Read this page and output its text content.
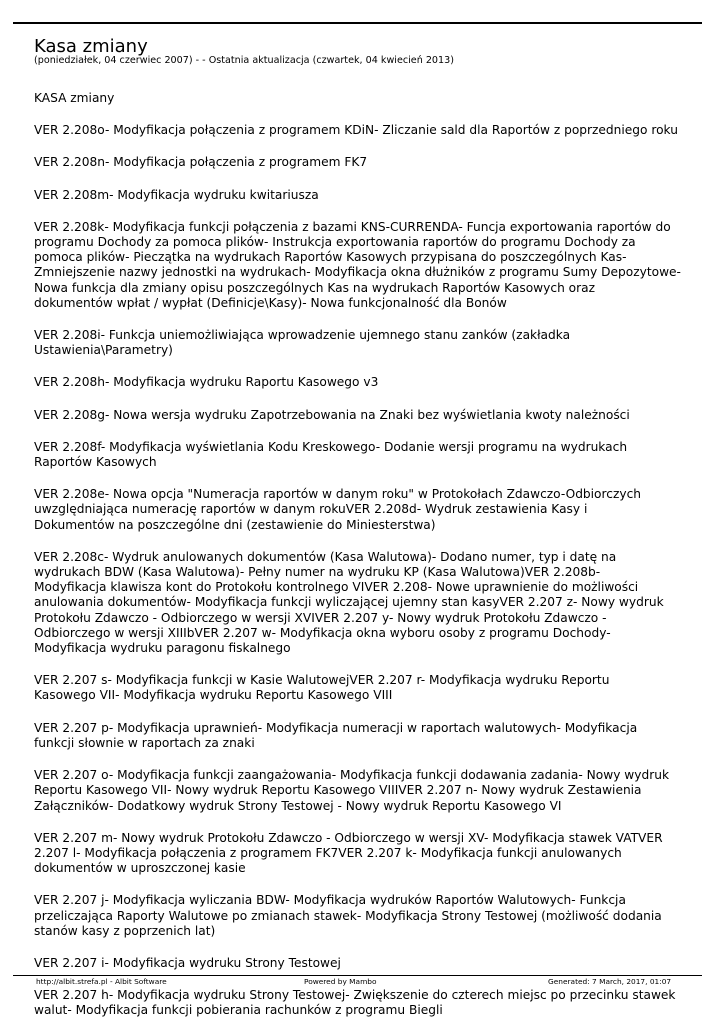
Kasa zmiany
(poniedziałek, 04 czerwiec 2007) - - Ostatnia aktualizacja (czwartek, 04 kwiecień 2013)

KASA zmiany

VER 2.208o- Modyfikacja połączenia z programem KDiN- Zliczanie sald dla Raportów z poprzedniego roku

VER 2.208n- Modyfikacja połączenia z programem FK7

VER 2.208m- Modyfikacja wydruku kwitariusza

VER 2.208k- Modyfikacja funkcji połączenia z bazami KNS-CURRENDA- Funcja exportowania raportów do
programu Dochody za pomoca plików- Instrukcja exportowania raportów do programu Dochody za
pomoca plików- Pieczątka na wydrukach Raportów Kasowych przypisana do poszczególnych Kas-
Zmniejszenie nazwy jednostki na wydrukach- Modyfikacja okna dłużników z programu Sumy Depozytowe-
Nowa funkcja dla zmiany opisu poszczególnych Kas na wydrukach Raportów Kasowych oraz
dokumentów wpłat / wypłat (Definicje\Kasy)- Nowa funkcjonalność dla Bonów

VER 2.208i- Funkcja uniemożliwiająca wprowadzenie ujemnego stanu zanków (zakładka
Ustawienia\Parametry)

VER 2.208h- Modyfikacja wydruku Raportu Kasowego v3

VER 2.208g- Nowa wersja wydruku Zapotrzebowania na Znaki bez wyświetlania kwoty należności

VER 2.208f- Modyfikacja wyświetlania Kodu Kreskowego- Dodanie wersji programu na wydrukach
Raportów Kasowych

VER 2.208e- Nowa opcja "Numeracja raportów w danym roku" w Protokołach Zdawczo-Odbiorczych
uwzględniająca numerację raportów w danym rokuVER 2.208d- Wydruk zestawienia Kasy i
Dokumentów na poszczególne dni (zestawienie do Miniesterstwa)

VER 2.208c- Wydruk anulowanych dokumentów (Kasa Walutowa)- Dodano numer, typ i datę na
wydrukach BDW (Kasa Walutowa)- Pełny numer na wydruku KP (Kasa Walutowa)VER 2.208b-
Modyfikacja klawisza kont do Protokołu kontrolnego VIVER 2.208- Nowe uprawnienie do możliwości
anulowania dokumentów- Modyfikacja funkcji wyliczającej ujemny stan kasyVER 2.207 z- Nowy wydruk
Protokołu Zdawczo - Odbiorczego w wersji XVIVER 2.207 y- Nowy wydruk Protokołu Zdawczo -
Odbiorczego w wersji XIIIbVER 2.207 w- Modyfikacja okna wyboru osoby z programu Dochody-
Modyfikacja wydruku paragonu fiskalnego

VER 2.207 s- Modyfikacja funkcji w Kasie WalutowejVER 2.207 r- Modyfikacja wydruku Reportu
Kasowego VII- Modyfikacja wydruku Reportu Kasowego VIII

VER 2.207 p- Modyfikacja uprawnień- Modyfikacja numeracji w raportach walutowych- Modyfikacja
funkcji słownie w raportach za znaki

VER 2.207 o- Modyfikacja funkcji zaangażowania- Modyfikacja funkcji dodawania zadania- Nowy wydruk
Reportu Kasowego VII- Nowy wydruk Reportu Kasowego VIIIVER 2.207 n- Nowy wydruk Zestawienia
Załączników- Dodatkowy wydruk Strony Testowej - Nowy wydruk Reportu Kasowego VI

VER 2.207 m- Nowy wydruk Protokołu Zdawczo - Odbiorczego w wersji XV- Modyfikacja stawek VATVER
2.207 l- Modyfikacja połączenia z programem FK7VER 2.207 k- Modyfikacja funkcji anulowanych
dokumentów w uproszczonej kasie

VER 2.207 j- Modyfikacja wyliczania BDW- Modyfikacja wydruków Raportów Walutowych- Funkcja
przeliczająca Raporty Walutowe po zmianach stawek- Modyfikacja Strony Testowej (możliwość dodania
stanów kasy z poprzenich lat)

VER 2.207 i- Modyfikacja wydruku Strony Testowej

VER 2.207 h- Modyfikacja wydruku Strony Testowej- Zwiększenie do czterech miejsc po przecinku stawek
walut- Modyfikacja funkcji pobierania rachunków z programu Biegli

http://albit.strefa.pl - Albit Software	Powered by Mambo	Generated: 7 March, 2017, 01:07
